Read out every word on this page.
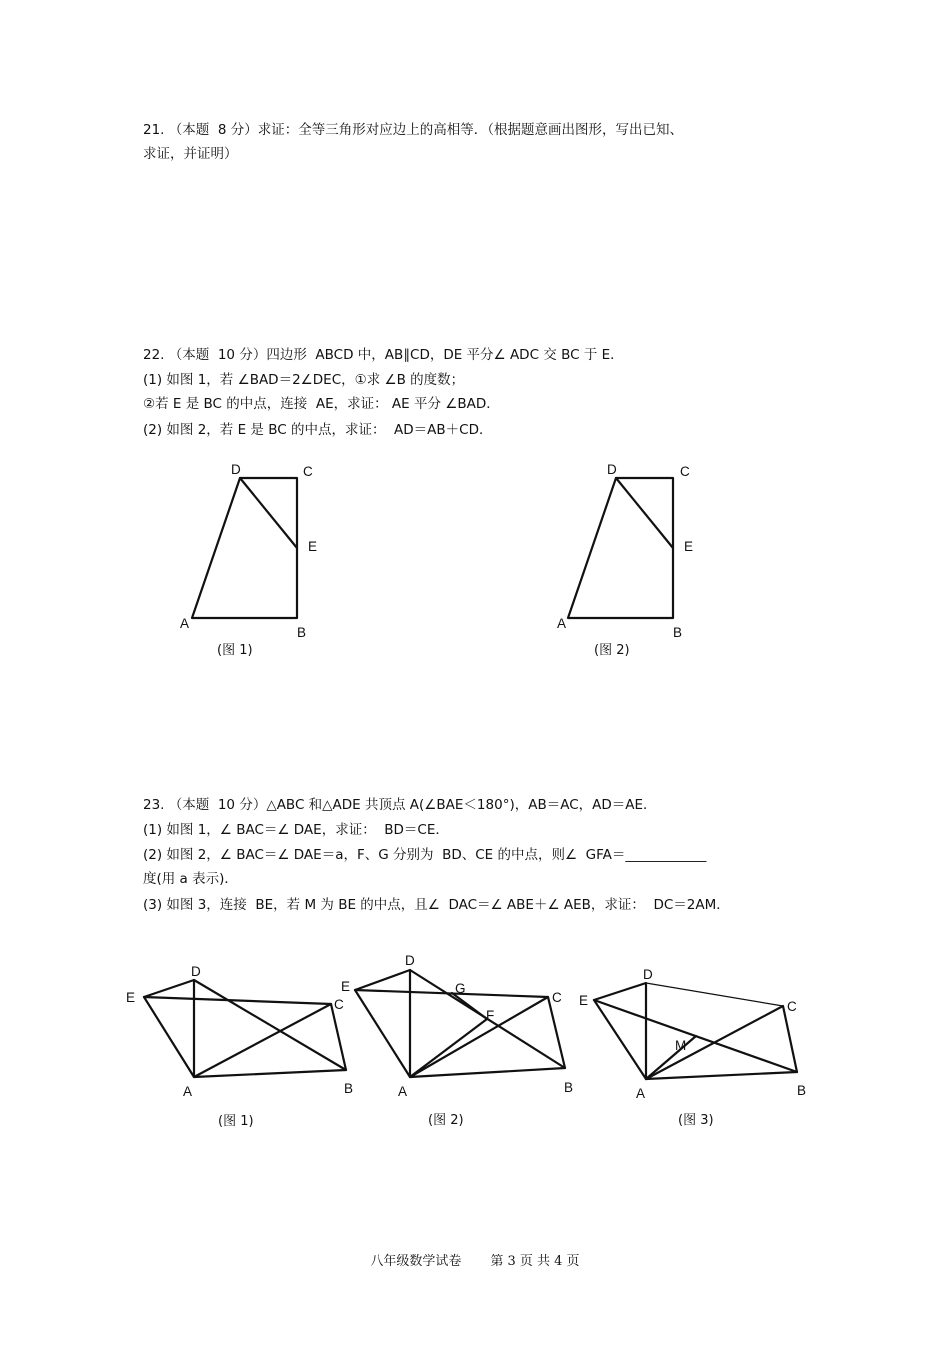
21. （本题  8 分）求证：全等三角形对应边上的高相等．（根据题意画出图形，写出已知、
求证，并证明）
22. （本题  10 分）四边形  ABCD 中，AB∥CD，DE 平分∠ ADC 交 BC 于 E．
(1) 如图 1，若 ∠BAD＝2∠DEC，①求 ∠B 的度数；
②若 E 是 BC 的中点，连接  AE，求证： AE 平分 ∠BAD．
(2) 如图 2，若 E 是 BC 的中点，求证：  AD＝AB＋CD．
23. （本题  10 分）△ABC 和△ADE 共顶点 A(∠BAE＜180°)，AB＝AC，AD＝AE．
(1) 如图 1，∠ BAC＝∠ DAE，求证：  BD＝CE．
(2) 如图 2，∠ BAC＝∠ DAE＝a，F、G 分别为  BD、CE 的中点，则∠  GFA＝____________
度(用 a 表示)．
(3) 如图 3，连接  BE，若 M 为 BE 的中点，且∠  DAC＝∠ ABE＋∠ AEB，求证：  DC＝2AM．
D	C
E
A
B
(图 1)
D	C
E
A
B
(图 2)
D
E	C
A	B
(图 1)
D
E	G
C
F
A	B
(图 2)
D
E	C
M
A	B
(图 3)
八年级数学试卷       第 3 页 共 4 页
